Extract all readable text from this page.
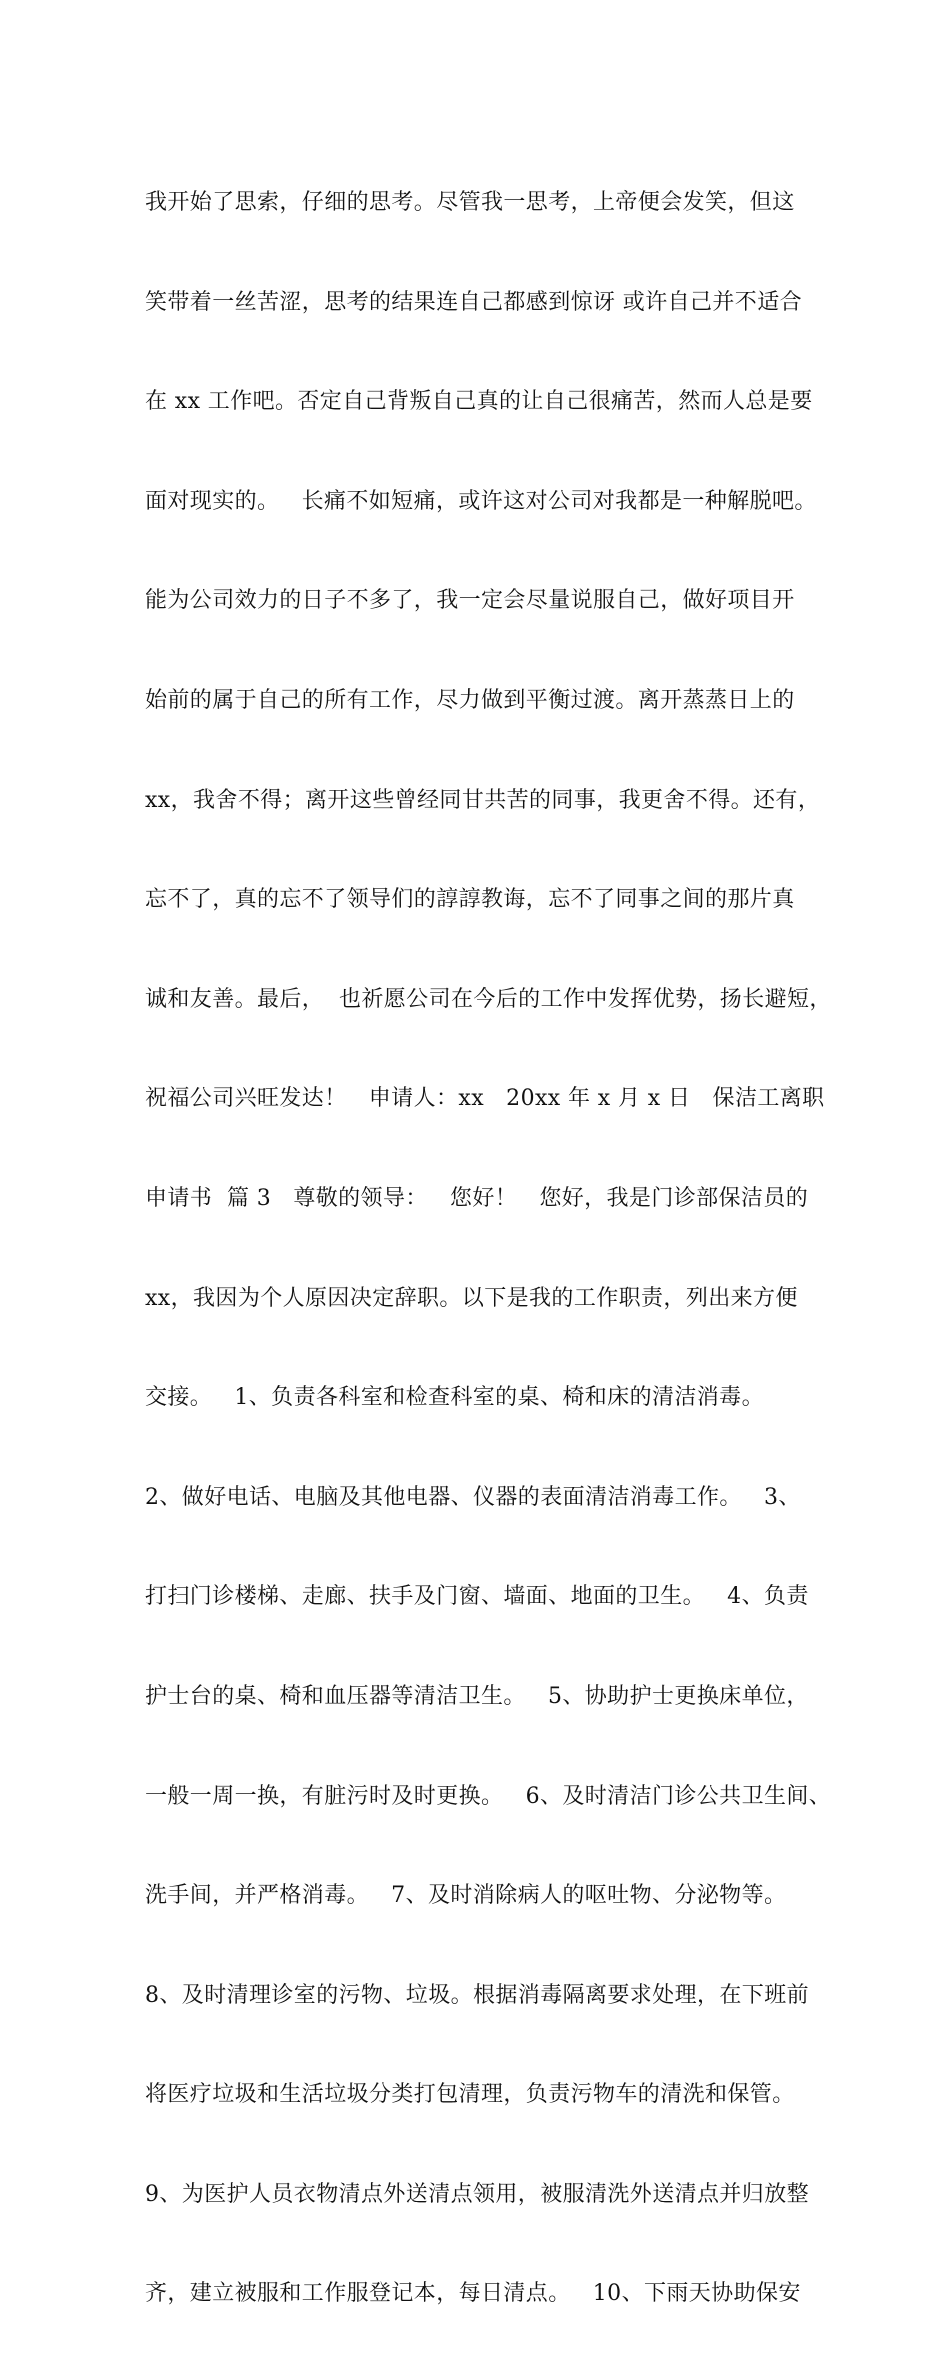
我开始了思索，仔细的思考。尽管我一思考，上帝便会发笑，但这

笑带着一丝苦涩，思考的结果连自己都感到惊讶 或许自己并不适合

在 xx 工作吧。否定自己背叛自己真的让自己很痛苦，然而人总是要

面对现实的。   长痛不如短痛，或许这对公司对我都是一种解脱吧。

能为公司效力的日子不多了，我一定会尽量说服自己，做好项目开

始前的属于自己的所有工作，尽力做到平衡过渡。离开蒸蒸日上的

xx，我舍不得；离开这些曾经同甘共苦的同事，我更舍不得。还有，

忘不了，真的忘不了领导们的諄諄教诲，忘不了同事之间的那片真

诚和友善。最后，  也祈愿公司在今后的工作中发挥优势，扬长避短，

祝福公司兴旺发达！   申请人：xx   20xx 年 x 月 x 日   保洁工离职

申请书  篇 3   尊敬的领导：   您好！   您好，我是门诊部保洁员的

xx，我因为个人原因决定辞职。以下是我的工作职责，列出来方便

交接。   1、负责各科室和检查科室的桌、椅和床的清洁消毒。

2、做好电话、电脑及其他电器、仪器的表面清洁消毒工作。   3、

打扫门诊楼梯、走廊、扶手及门窗、墙面、地面的卫生。   4、负责

护士台的桌、椅和血压器等清洁卫生。   5、协助护士更换床单位，

一般一周一换，有脏污时及时更换。   6、及时清洁门诊公共卫生间、

洗手间，并严格消毒。   7、及时消除病人的呕吐物、分泌物等。

8、及时清理诊室的污物、垃圾。根据消毒隔离要求处理，在下班前

将医疗垃圾和生活垃圾分类打包清理，负责污物车的清洗和保管。

9、为医护人员衣物清点外送清点领用，被服清洗外送清点并归放整

齐，建立被服和工作服登记本，每日清点。   10、下雨天协助保安
